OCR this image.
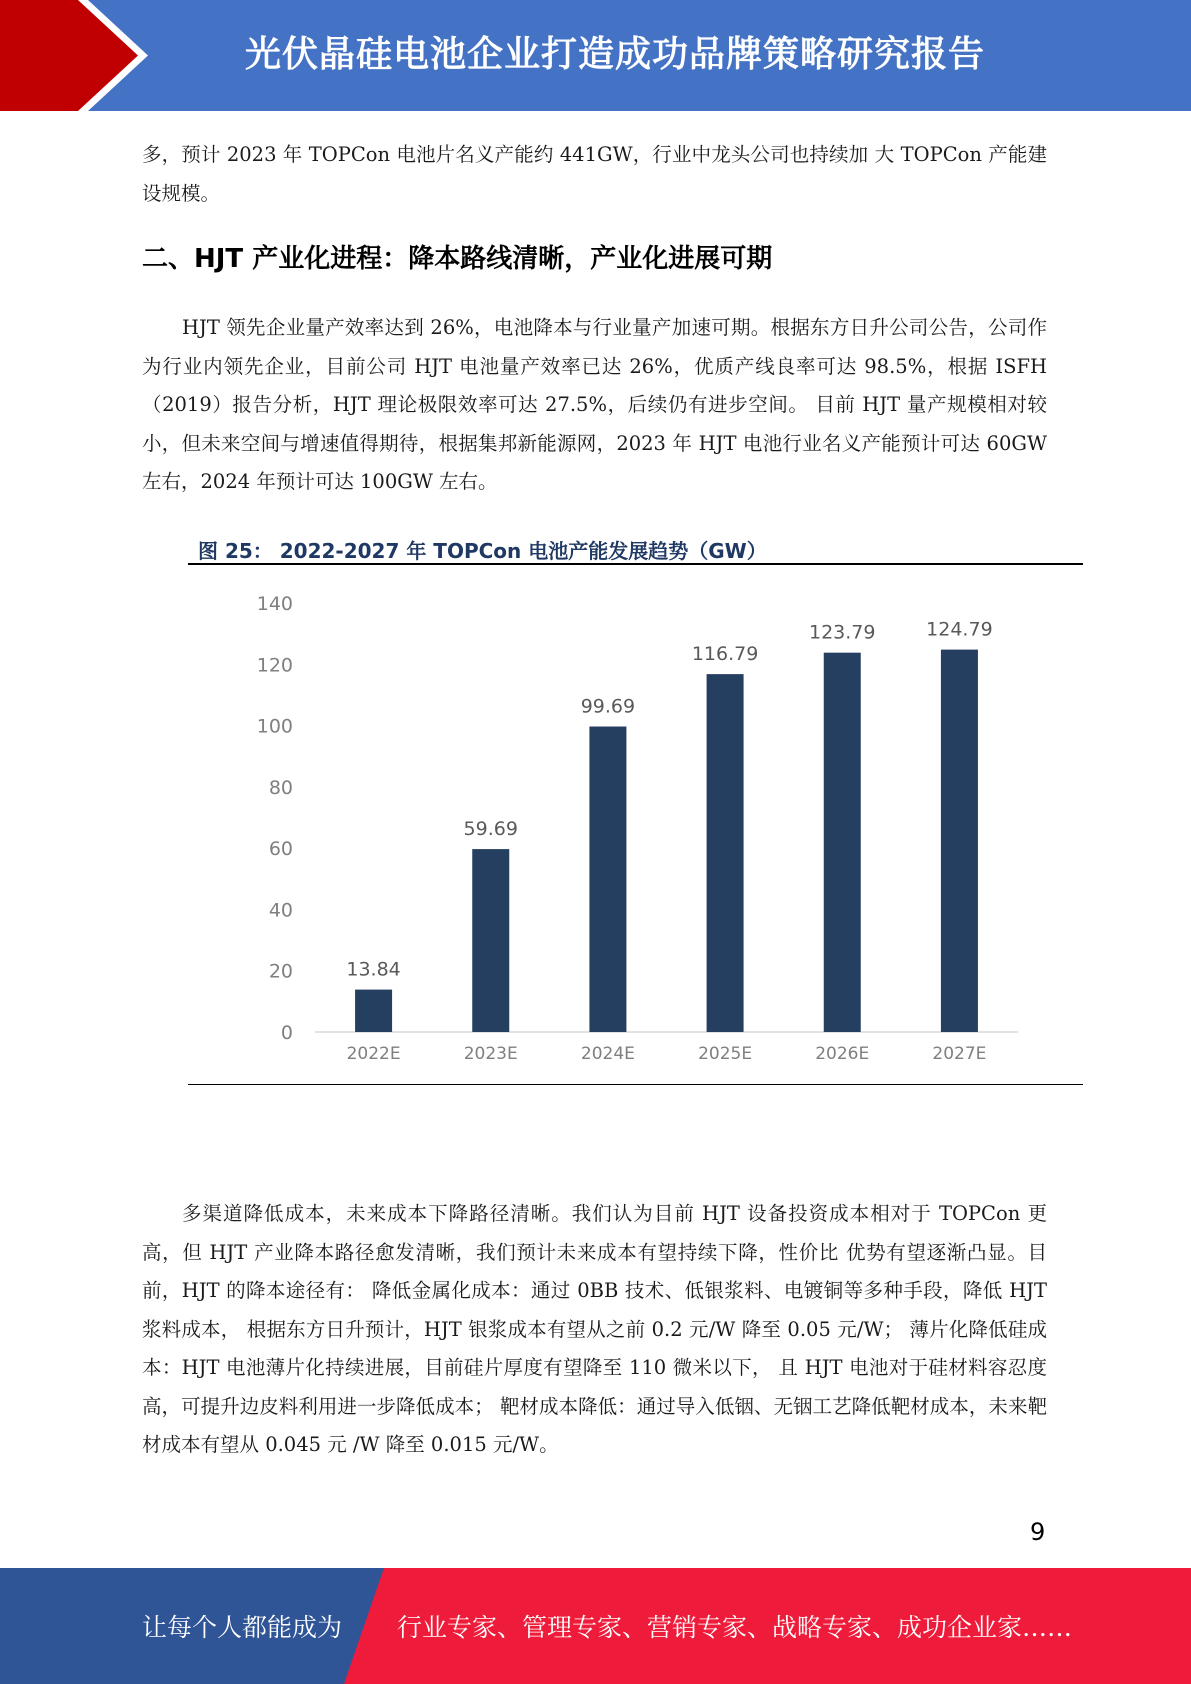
光伏晶硅电池企业打造成功品牌策略研究报告

多，预计 2023 年 TOPCon 电池片名义产能约 441GW，行业中龙头公司也持续加 大 TOPCon 产能建设规模。

二、HJT 产业化进程：降本路线清晰，产业化进展可期

HJT 领先企业量产效率达到 26%，电池降本与行业量产加速可期。根据东方日升公司公告，公司作为行业内领先企业，目前公司 HJT 电池量产效率已达 26%，优质产线良率可达 98.5%，根据 ISFH（2019）报告分析，HJT 理论极限效率可达 27.5%，后续仍有进步空间。 目前 HJT 量产规模相对较小，但未来空间与增速值得期待，根据集邦新能源网，2023 年 HJT 电池行业名义产能预计可达 60GW 左右，2024 年预计可达 100GW 左右。

图 25： 2022-2027 年 TOPCon 电池产能发展趋势（GW）
0
20
40
60
80
100
120
140
13.84
2022E
59.69
2023E
99.69
2024E
116.79
2025E
123.79
2026E
124.79
2027E

多渠道降低成本，未来成本下降路径清晰。我们认为目前 HJT 设备投资成本相对于 TOPCon 更高，但 HJT 产业降本路径愈发清晰，我们预计未来成本有望持续下降，性价比 优势有望逐渐凸显。目前，HJT 的降本途径有： 降低金属化成本：通过 0BB 技术、低银浆料、电镀铜等多种手段，降低 HJT 浆料成本， 根据东方日升预计，HJT 银浆成本有望从之前 0.2 元/W 降至 0.05 元/W； 薄片化降低硅成本：HJT 电池薄片化持续进展，目前硅片厚度有望降至 110 微米以下， 且 HJT 电池对于硅材料容忍度高，可提升边皮料利用进一步降低成本； 靶材成本降低：通过导入低铟、无铟工艺降低靶材成本，未来靶材成本有望从 0.045 元 /W 降至 0.015 元/W。

9
让每个人都能成为 行业专家、管理专家、营销专家、战略专家、成功企业家……
